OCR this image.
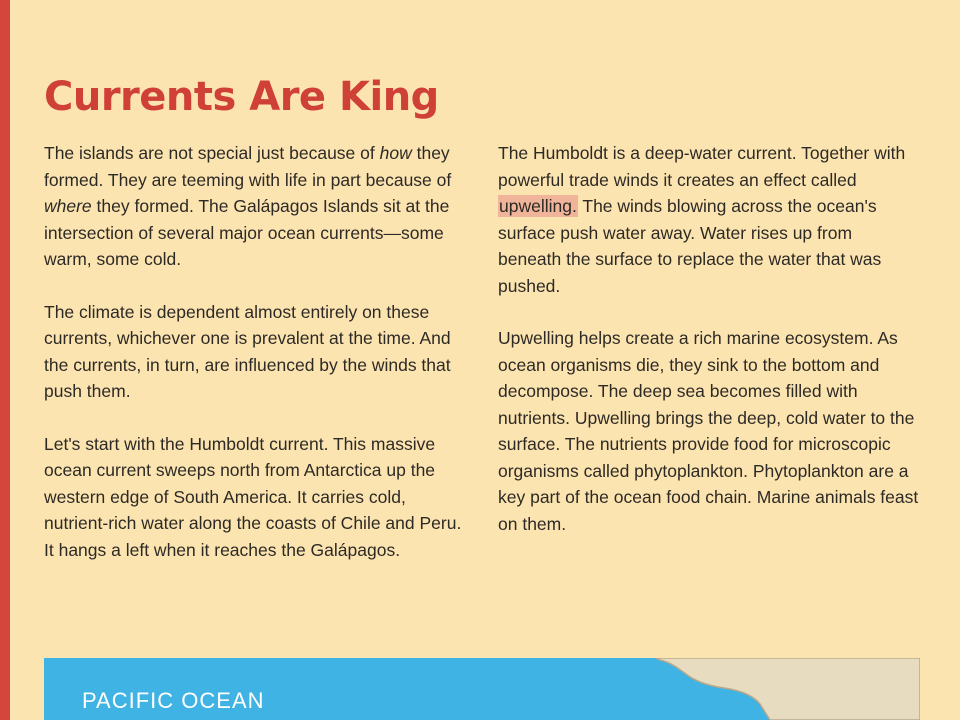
Currents Are King

The islands are not special just because of how they formed. They are teeming with life in part because of where they formed. The Galápagos Islands sit at the intersection of several major ocean currents—some warm, some cold.

The climate is dependent almost entirely on these currents, whichever one is prevalent at the time. And the currents, in turn, are influenced by the winds that push them.

Let's start with the Humboldt current. This massive ocean current sweeps north from Antarctica up the western edge of South America. It carries cold, nutrient-rich water along the coasts of Chile and Peru. It hangs a left when it reaches the Galápagos.

The Humboldt is a deep-water current. Together with powerful trade winds it creates an effect called upwelling. The winds blowing across the ocean's surface push water away. Water rises up from beneath the surface to replace the water that was pushed.

Upwelling helps create a rich marine ecosystem. As ocean organisms die, they sink to the bottom and decompose. The deep sea becomes filled with nutrients. Upwelling brings the deep, cold water to the surface. The nutrients provide food for microscopic organisms called phytoplankton. Phytoplankton are a key part of the ocean food chain. Marine animals feast on them.

PACIFIC OCEAN
